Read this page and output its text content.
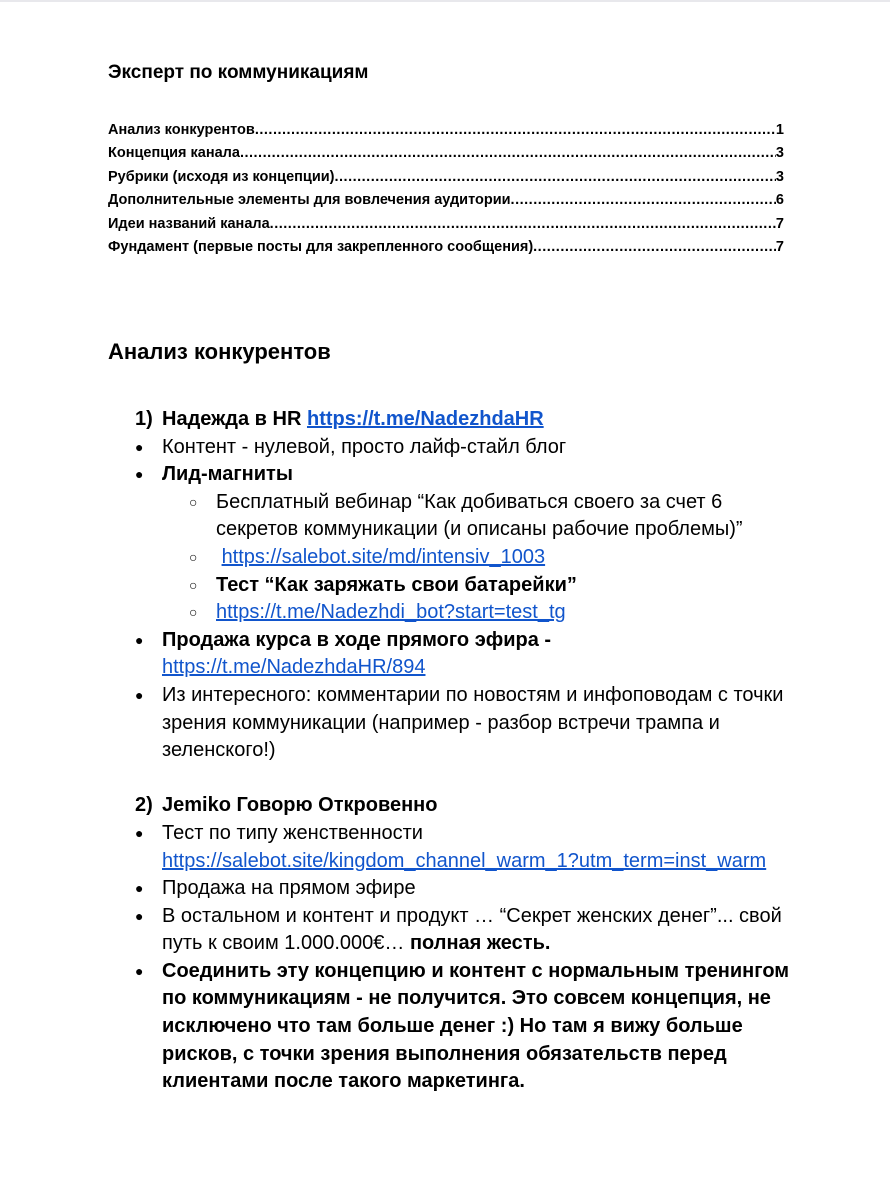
Эксперт по коммуникациям
Анализ конкурентов .....	1
Концепция канала .....	3
Рубрики (исходя из концепции) .....	3
Дополнительные элементы для вовлечения аудитории .....	6
Идеи названий канала .....	7
Фундамент (первые посты для закрепленного сообщения) .....	7
Анализ конкурентов
1) Надежда в HR https://t.me/NadezhdaHR
● Контент - нулевой, просто лайф-стайл блог
● Лид-магниты
○ Бесплатный вебинар “Как добиваться своего за счет 6 секретов коммуникации (и описаны рабочие проблемы)”
○	https://salebot.site/md/intensiv_1003
○ Тест “Как заряжать свои батарейки”
○ https://t.me/Nadezhdi_bot?start=test_tg
● Продажа курса в ходе прямого эфира -
https://t.me/NadezhdaHR/894
● Из интересного: комментарии по новостям и инфоповодам с точки зрения коммуникации (например - разбор встречи трампа и зеленского!)
2) Jemiko Говорю Откровенно
● Тест по типу женственности
https://salebot.site/kingdom_channel_warm_1?utm_term=inst_warm
● Продажа на прямом эфире
● В остальном и контент и продукт … “Секрет женских денег”... свой путь к своим 1.000.000€… полная жесть.
● Соединить эту концепцию и контент с нормальным тренингом по коммуникациям - не получится. Это совсем концепция, не исключено что там больше денег :) Но там я вижу больше рисков, с точки зрения выполнения обязательств перед клиентами после такого маркетинга.
